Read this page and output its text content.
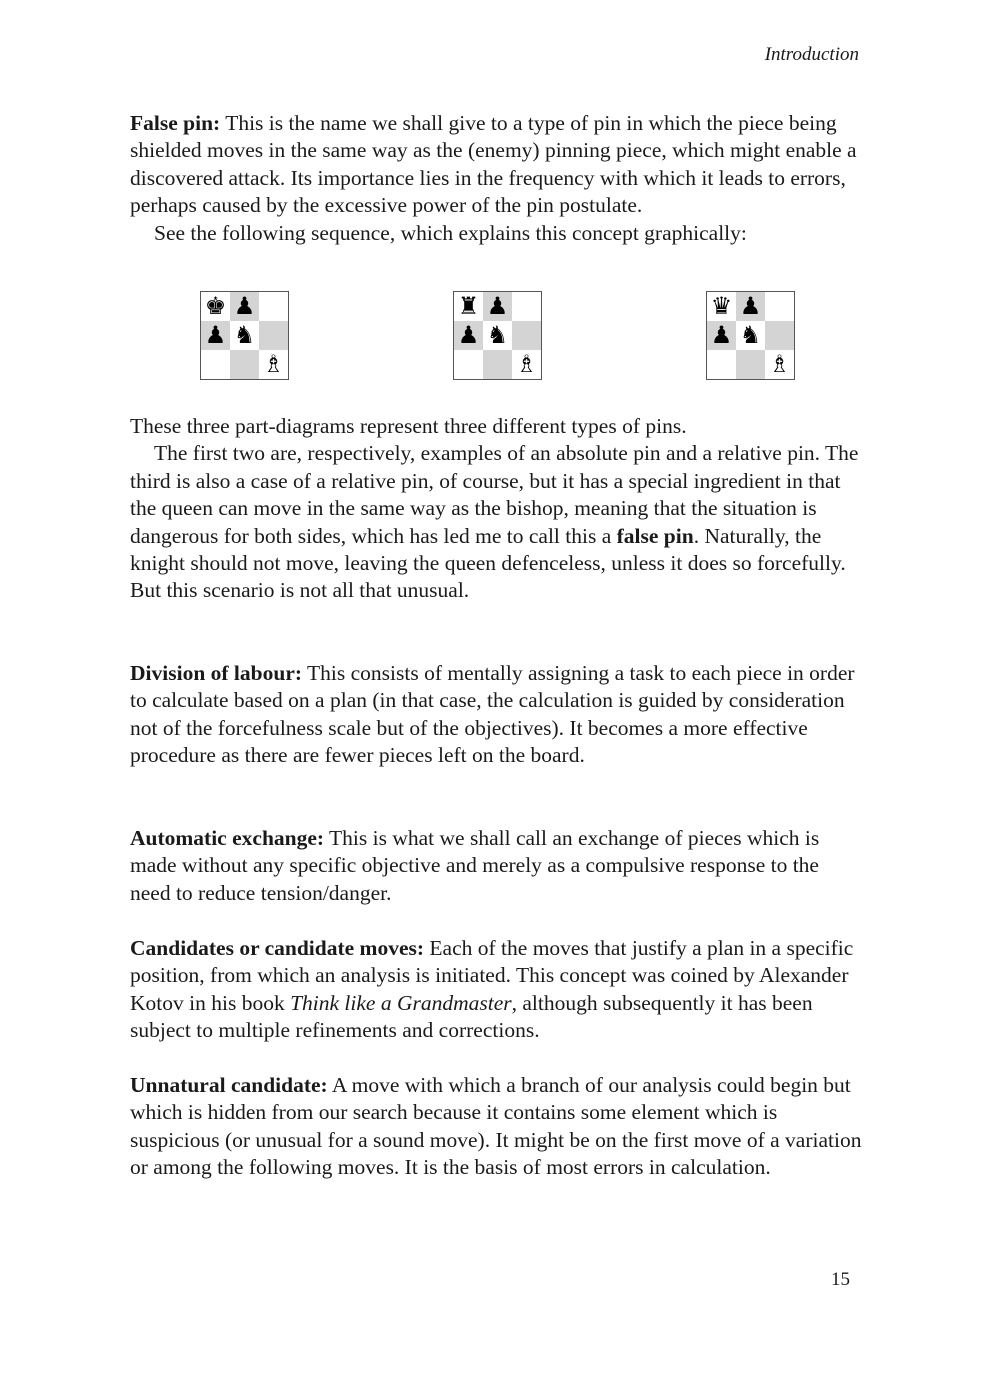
Introduction

False pin: This is the name we shall give to a type of pin in which the piece being shielded moves in the same way as the (enemy) pinning piece, which might enable a discovered attack. Its importance lies in the frequency with which it leads to errors, perhaps caused by the excessive power of the pin postulate.

See the following sequence, which explains this concept graphically:

♚ ♟
♟ ♞
♗
♜ ♟
♟ ♞
♗
♛ ♟
♟ ♞
♗

These three part-diagrams represent three different types of pins.

The first two are, respectively, examples of an absolute pin and a relative pin. The third is also a case of a relative pin, of course, but it has a special ingredient in that the queen can move in the same way as the bishop, meaning that the situation is dangerous for both sides, which has led me to call this a false pin. Naturally, the knight should not move, leaving the queen defenceless, unless it does so forcefully. But this scenario is not all that unusual.

Division of labour: This consists of mentally assigning a task to each piece in order to calculate based on a plan (in that case, the calculation is guided by consideration not of the forcefulness scale but of the objectives). It becomes a more effective procedure as there are fewer pieces left on the board.

Automatic exchange: This is what we shall call an exchange of pieces which is made without any specific objective and merely as a compulsive response to the need to reduce tension/danger.

Candidates or candidate moves: Each of the moves that justify a plan in a specific position, from which an analysis is initiated. This concept was coined by Alexander Kotov in his book Think like a Grandmaster, although subsequently it has been subject to multiple refinements and corrections.

Unnatural candidate: A move with which a branch of our analysis could begin but which is hidden from our search because it contains some element which is suspicious (or unusual for a sound move). It might be on the first move of a variation or among the following moves. It is the basis of most errors in calculation.

15
